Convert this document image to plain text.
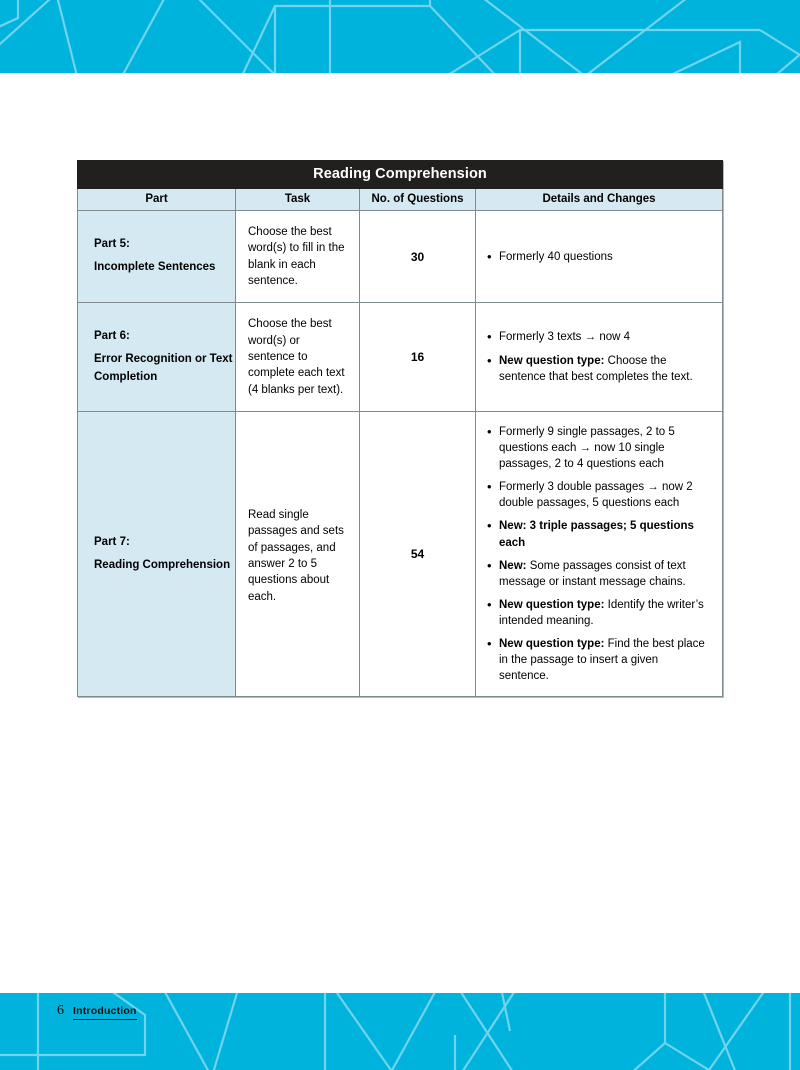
Reading Comprehension			
Part	Task	No. of Questions	Details and Changes

Part 5:
Incomplete Sentences
	Choose the best word(s) to fill in the blank in each sentence.	30	
•Formerly 40 questions

Part 6:
Error Recognition or Text Completion
	Choose the best word(s) or sentence to complete each text (4 blanks per text).	16	
• Formerly 3 texts → now 4
• New question type: Choose the sentence that best completes the text.

Part 7:
Reading Comprehension
	Read single passages and sets of passages, and answer 2 to 5 questions about each.	54	
• Formerly 9 single passages, 2 to 5 questions each → now 10 single passages, 2 to 4 questions each
• Formerly 3 double passages → now 2 double passages, 5 questions each
• New: 3 triple passages; 5 questions each
• New: Some passages consist of text message or instant message chains.
• New question type: Identify the writer’s intended meaning.
• New question type: Find the best place in the passage to insert a given sentence.
6 Introduction
